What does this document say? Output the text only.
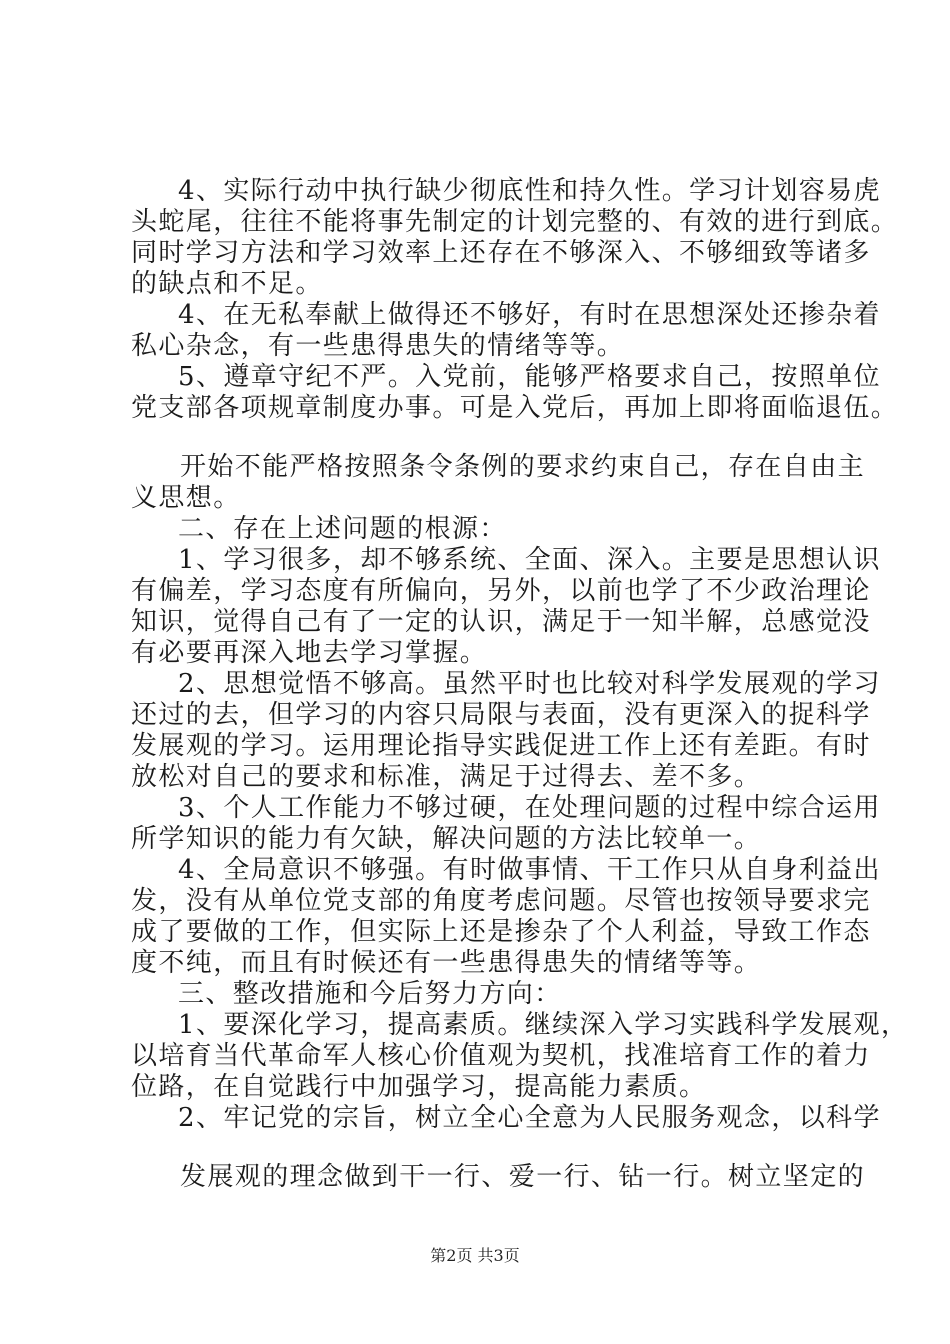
4、实际行动中执行缺少彻底性和持久性。学习计划容易虎
头蛇尾，往往不能将事先制定的计划完整的、有效的进行到底。
同时学习方法和学习效率上还存在不够深入、不够细致等诸多
的缺点和不足。
4、在无私奉献上做得还不够好，有时在思想深处还掺杂着
私心杂念，有一些患得患失的情绪等等。
5、遵章守纪不严。入党前，能够严格要求自己，按照单位
党支部各项规章制度办事。可是入党后，再加上即将面临退伍。
开始不能严格按照条令条例的要求约束自己，存在自由主
义思想。
二、存在上述问题的根源：
1、学习很多，却不够系统、全面、深入。主要是思想认识
有偏差，学习态度有所偏向，另外，以前也学了不少政治理论
知识，觉得自己有了一定的认识，满足于一知半解，总感觉没
有必要再深入地去学习掌握。
2、思想觉悟不够高。虽然平时也比较对科学发展观的学习
还过的去，但学习的内容只局限与表面，没有更深入的捉科学
发展观的学习。运用理论指导实践促进工作上还有差距。有时
放松对自己的要求和标准，满足于过得去、差不多。
3、个人工作能力不够过硬，在处理问题的过程中综合运用
所学知识的能力有欠缺，解决问题的方法比较单一。
4、全局意识不够强。有时做事情、干工作只从自身利益出
发，没有从单位党支部的角度考虑问题。尽管也按领导要求完
成了要做的工作，但实际上还是掺杂了个人利益，导致工作态
度不纯，而且有时候还有一些患得患失的情绪等等。
三、整改措施和今后努力方向：
1、要深化学习，提高素质。继续深入学习实践科学发展观，
以培育当代革命军人核心价值观为契机，找准培育工作的着力
位路，在自觉践行中加强学习，提高能力素质。
2、牢记党的宗旨，树立全心全意为人民服务观念，以科学
发展观的理念做到干一行、爱一行、钻一行。树立坚定的
第2页 共3页
